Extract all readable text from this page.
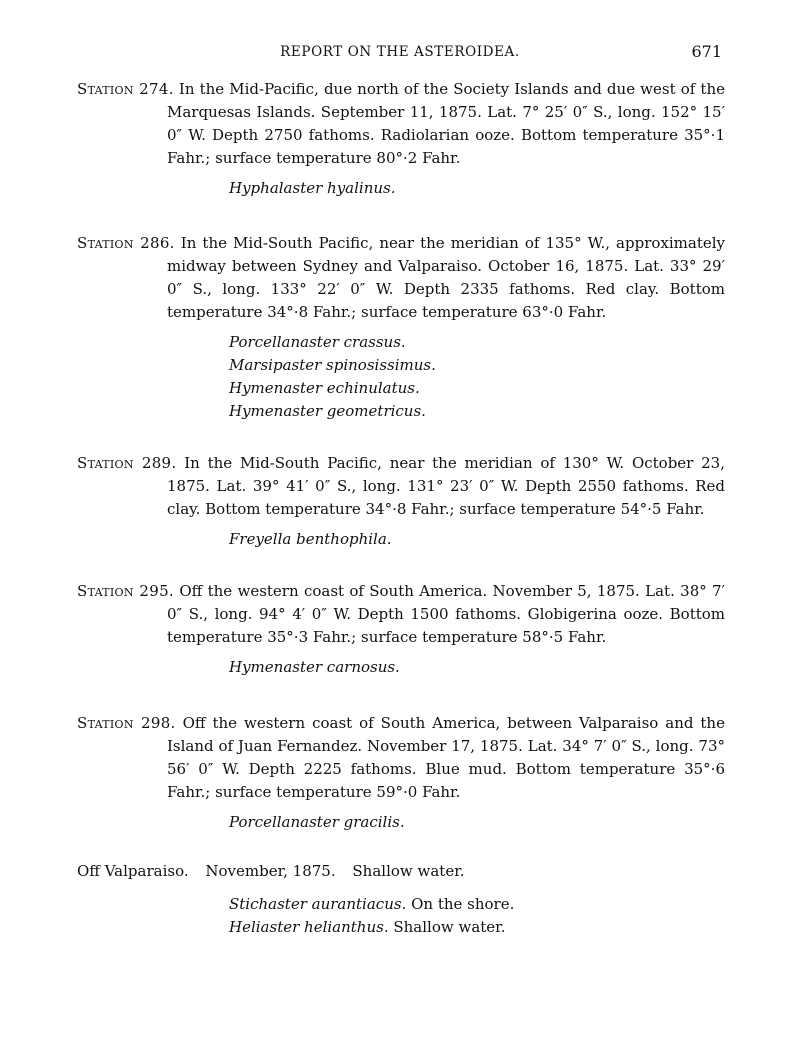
REPORT ON THE ASTEROIDEA.	671
Station 274. In the Mid-Pacific, due north of the Society Islands and due west of the Marquesas Islands. September 11, 1875. Lat. 7° 25′ 0″ S., long. 152° 15′ 0″ W. Depth 2750 fathoms. Radiolarian ooze. Bottom temperature 35°·1 Fahr.; surface temperature 80°·2 Fahr.
Hyphalaster hyalinus.
Station 286. In the Mid-South Pacific, near the meridian of 135° W., approximately midway between Sydney and Valparaiso. October 16, 1875. Lat. 33° 29′ 0″ S., long. 133° 22′ 0″ W. Depth 2335 fathoms. Red clay. Bottom temperature 34°·8 Fahr.; surface temperature 63°·0 Fahr.
Porcellanaster crassus.
Marsipaster spinosissimus.
Hymenaster echinulatus.
Hymenaster geometricus.
Station 289. In the Mid-South Pacific, near the meridian of 130° W. October 23, 1875. Lat. 39° 41′ 0″ S., long. 131° 23′ 0″ W. Depth 2550 fathoms. Red clay. Bottom temperature 34°·8 Fahr.; surface temperature 54°·5 Fahr.
Freyella benthophila.
Station 295. Off the western coast of South America. November 5, 1875. Lat. 38° 7′ 0″ S., long. 94° 4′ 0″ W. Depth 1500 fathoms. Globigerina ooze. Bottom temperature 35°·3 Fahr.; surface temperature 58°·5 Fahr.
Hymenaster carnosus.
Station 298. Off the western coast of South America, between Valparaiso and the Island of Juan Fernandez. November 17, 1875. Lat. 34° 7′ 0″ S., long. 73° 56′ 0″ W. Depth 2225 fathoms. Blue mud. Bottom temperature 35°·6 Fahr.; surface temperature 59°·0 Fahr.
Porcellanaster gracilis.
Off Valparaiso. November, 1875. Shallow water.
Stichaster aurantiacus. On the shore.
Heliaster helianthus. Shallow water.
